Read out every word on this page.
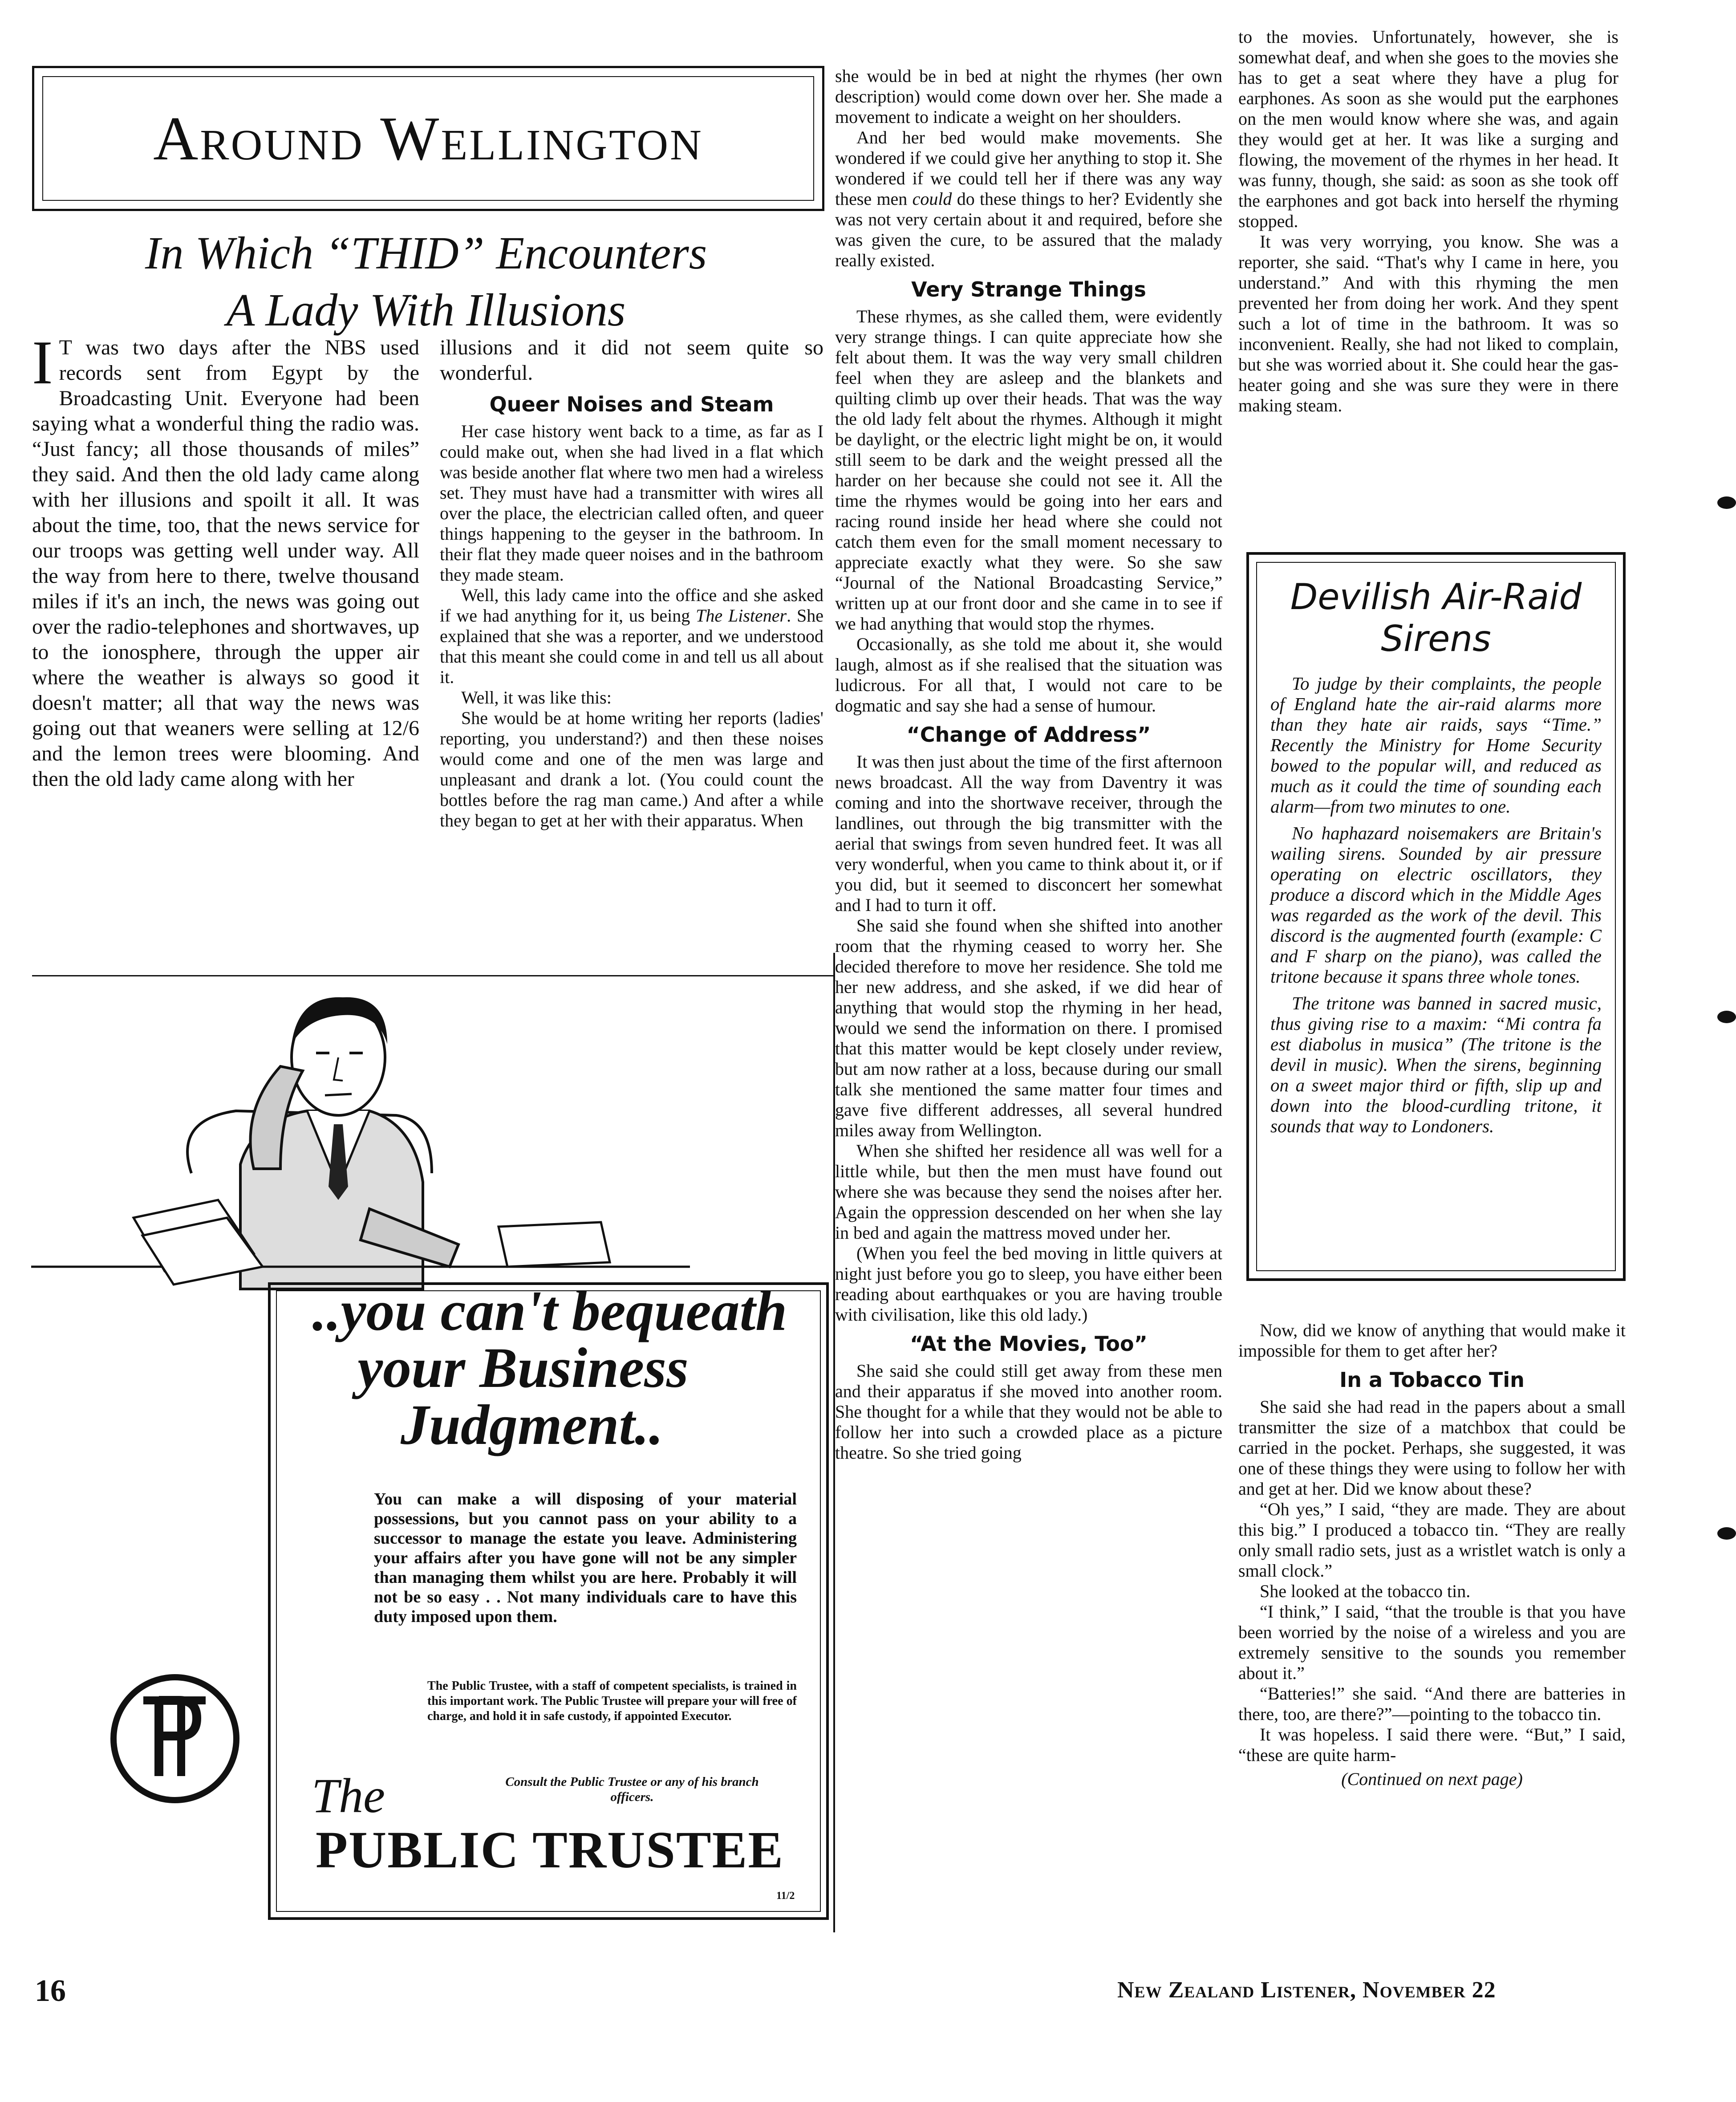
Around Wellington
In Which “THID” Encounters
A Lady With Illusions

I T was two days after the NBS used records sent from Egypt by the Broadcasting Unit. Everyone had been saying what a wonderful thing the radio was. “Just fancy; all those thousands of miles” they said. And then the old lady came along with her illusions and spoilt it all. It was about the time, too, that the news service for our troops was getting well under way. All the way from here to there, twelve thousand miles if it's an inch, the news was going out over the radio-telephones and shortwaves, up to the ionosphere, through the upper air where the weather is always so good it doesn't matter; all that way the news was going out that weaners were selling at 12/6 and the lemon trees were blooming. And then the old lady came along with her

illusions and it did not seem quite so wonderful.

Queer Noises and Steam

Her case history went back to a time, as far as I could make out, when she had lived in a flat which was beside another flat where two men had a wireless set. They must have had a transmitter with wires all over the place, the electrician called often, and queer things happening to the geyser in the bathroom. In their flat they made queer noises and in the bathroom they made steam.

Well, this lady came into the office and she asked if we had anything for it, us being The Listener. She explained that she was a reporter, and we understood that this meant she could come in and tell us all about it.

Well, it was like this:

She would be at home writing her reports (ladies' reporting, you understand?) and then these noises would come and one of the men was large and unpleasant and drank a lot. (You could count the bottles before the rag man came.) And after a while they began to get at her with their apparatus. When

she would be in bed at night the rhymes (her own description) would come down over her. She made a movement to indicate a weight on her shoulders.

And her bed would make movements. She wondered if we could give her anything to stop it. She wondered if we could tell her if there was any way these men could do these things to her? Evidently she was not very certain about it and required, before she was given the cure, to be assured that the malady really existed.

Very Strange Things

These rhymes, as she called them, were evidently very strange things. I can quite appreciate how she felt about them. It was the way very small children feel when they are asleep and the blankets and quilting climb up over their heads. That was the way the old lady felt about the rhymes. Although it might be daylight, or the electric light might be on, it would still seem to be dark and the weight pressed all the harder on her because she could not see it. All the time the rhymes would be going into her ears and racing round inside her head where she could not catch them even for the small moment necessary to appreciate exactly what they were. So she saw “Journal of the National Broadcasting Service,” written up at our front door and she came in to see if we had anything that would stop the rhymes.

Occasionally, as she told me about it, she would laugh, almost as if she realised that the situation was ludicrous. For all that, I would not care to be dogmatic and say she had a sense of humour.

“Change of Address”

It was then just about the time of the first afternoon news broadcast. All the way from Daventry it was coming and into the shortwave receiver, through the landlines, out through the big transmitter with the aerial that swings from seven hundred feet. It was all very wonderful, when you came to think about it, or if you did, but it seemed to disconcert her somewhat and I had to turn it off.

She said she found when she shifted into another room that the rhyming ceased to worry her. She decided therefore to move her residence. She told me her new address, and she asked, if we did hear of anything that would stop the rhyming in her head, would we send the information on there. I promised that this matter would be kept closely under review, but am now rather at a loss, because during our small talk she mentioned the same matter four times and gave five different addresses, all several hundred miles away from Wellington.

When she shifted her residence all was well for a little while, but then the men must have found out where she was because they send the noises after her. Again the oppression descended on her when she lay in bed and again the mattress moved under her.

(When you feel the bed moving in little quivers at night just before you go to sleep, you have either been reading about earthquakes or you are having trouble with civilisation, like this old lady.)

“At the Movies, Too”

She said she could still get away from these men and their apparatus if she moved into another room. She thought for a while that they would not be able to follow her into such a crowded place as a picture theatre. So she tried going

to the movies. Unfortunately, however, she is somewhat deaf, and when she goes to the movies she has to get a seat where they have a plug for earphones. As soon as she would put the earphones on the men would know where she was, and again they would get at her. It was like a surging and flowing, the movement of the rhymes in her head. It was funny, though, she said: as soon as she took off the earphones and got back into herself the rhyming stopped.

It was very worrying, you know. She was a reporter, she said. “That's why I came in here, you understand.” And with this rhyming the men prevented her from doing her work. And they spent such a lot of time in the bathroom. It was so inconvenient. Really, she had not liked to complain, but she was worried about it. She could hear the gas-heater going and she was sure they were in there making steam.

Devilish Air-Raid
Sirens

To judge by their complaints, the people of England hate the air-raid alarms more than they hate air raids, says “Time.” Recently the Ministry for Home Security bowed to the popular will, and reduced as much as it could the time of sounding each alarm—from two minutes to one.

No haphazard noisemakers are Britain's wailing sirens. Sounded by air pressure operating on electric oscillators, they produce a discord which in the Middle Ages was regarded as the work of the devil. This discord is the augmented fourth (example: C and F sharp on the piano), was called the tritone because it spans three whole tones.

The tritone was banned in sacred music, thus giving rise to a maxim: “Mi contra fa est diabolus in musica” (The tritone is the devil in music). When the sirens, beginning on a sweet major third or fifth, slip up and down into the blood-curdling tritone, it sounds that way to Londoners.

Now, did we know of anything that would make it impossible for them to get after her?

In a Tobacco Tin

She said she had read in the papers about a small transmitter the size of a matchbox that could be carried in the pocket. Perhaps, she suggested, it was one of these things they were using to follow her with and get at her. Did we know about these?

“Oh yes,” I said, “they are made. They are about this big.” I produced a tobacco tin. “They are really only small radio sets, just as a wristlet watch is only a small clock.”

She looked at the tobacco tin.

“I think,” I said, “that the trouble is that you have been worried by the noise of a wireless and you are extremely sensitive to the sounds you remember about it.”

“Batteries!” she said. “And there are batteries in there, too, are there?”—pointing to the tobacco tin.

It was hopeless. I said there were. “But,” I said, “these are quite harm-

(Continued on next page)

..you can't bequeath
your Business
Judgment..

You can make a will disposing of your material possessions, but you cannot pass on your ability to a successor to manage the estate you leave. Administering your affairs after you have gone will not be any simpler than managing them whilst you are here. Probably it will not be so easy . . Not many individuals care to have this duty imposed upon them.

The Public Trustee, with a staff of competent specialists, is trained in this important work. The Public Trustee will prepare your will free of charge, and hold it in safe custody, if appointed Executor.

The	Consult the Public Trustee or any of his branch officers.
PUBLIC TRUSTEE
11/2
16	New Zealand Listener, November 22
